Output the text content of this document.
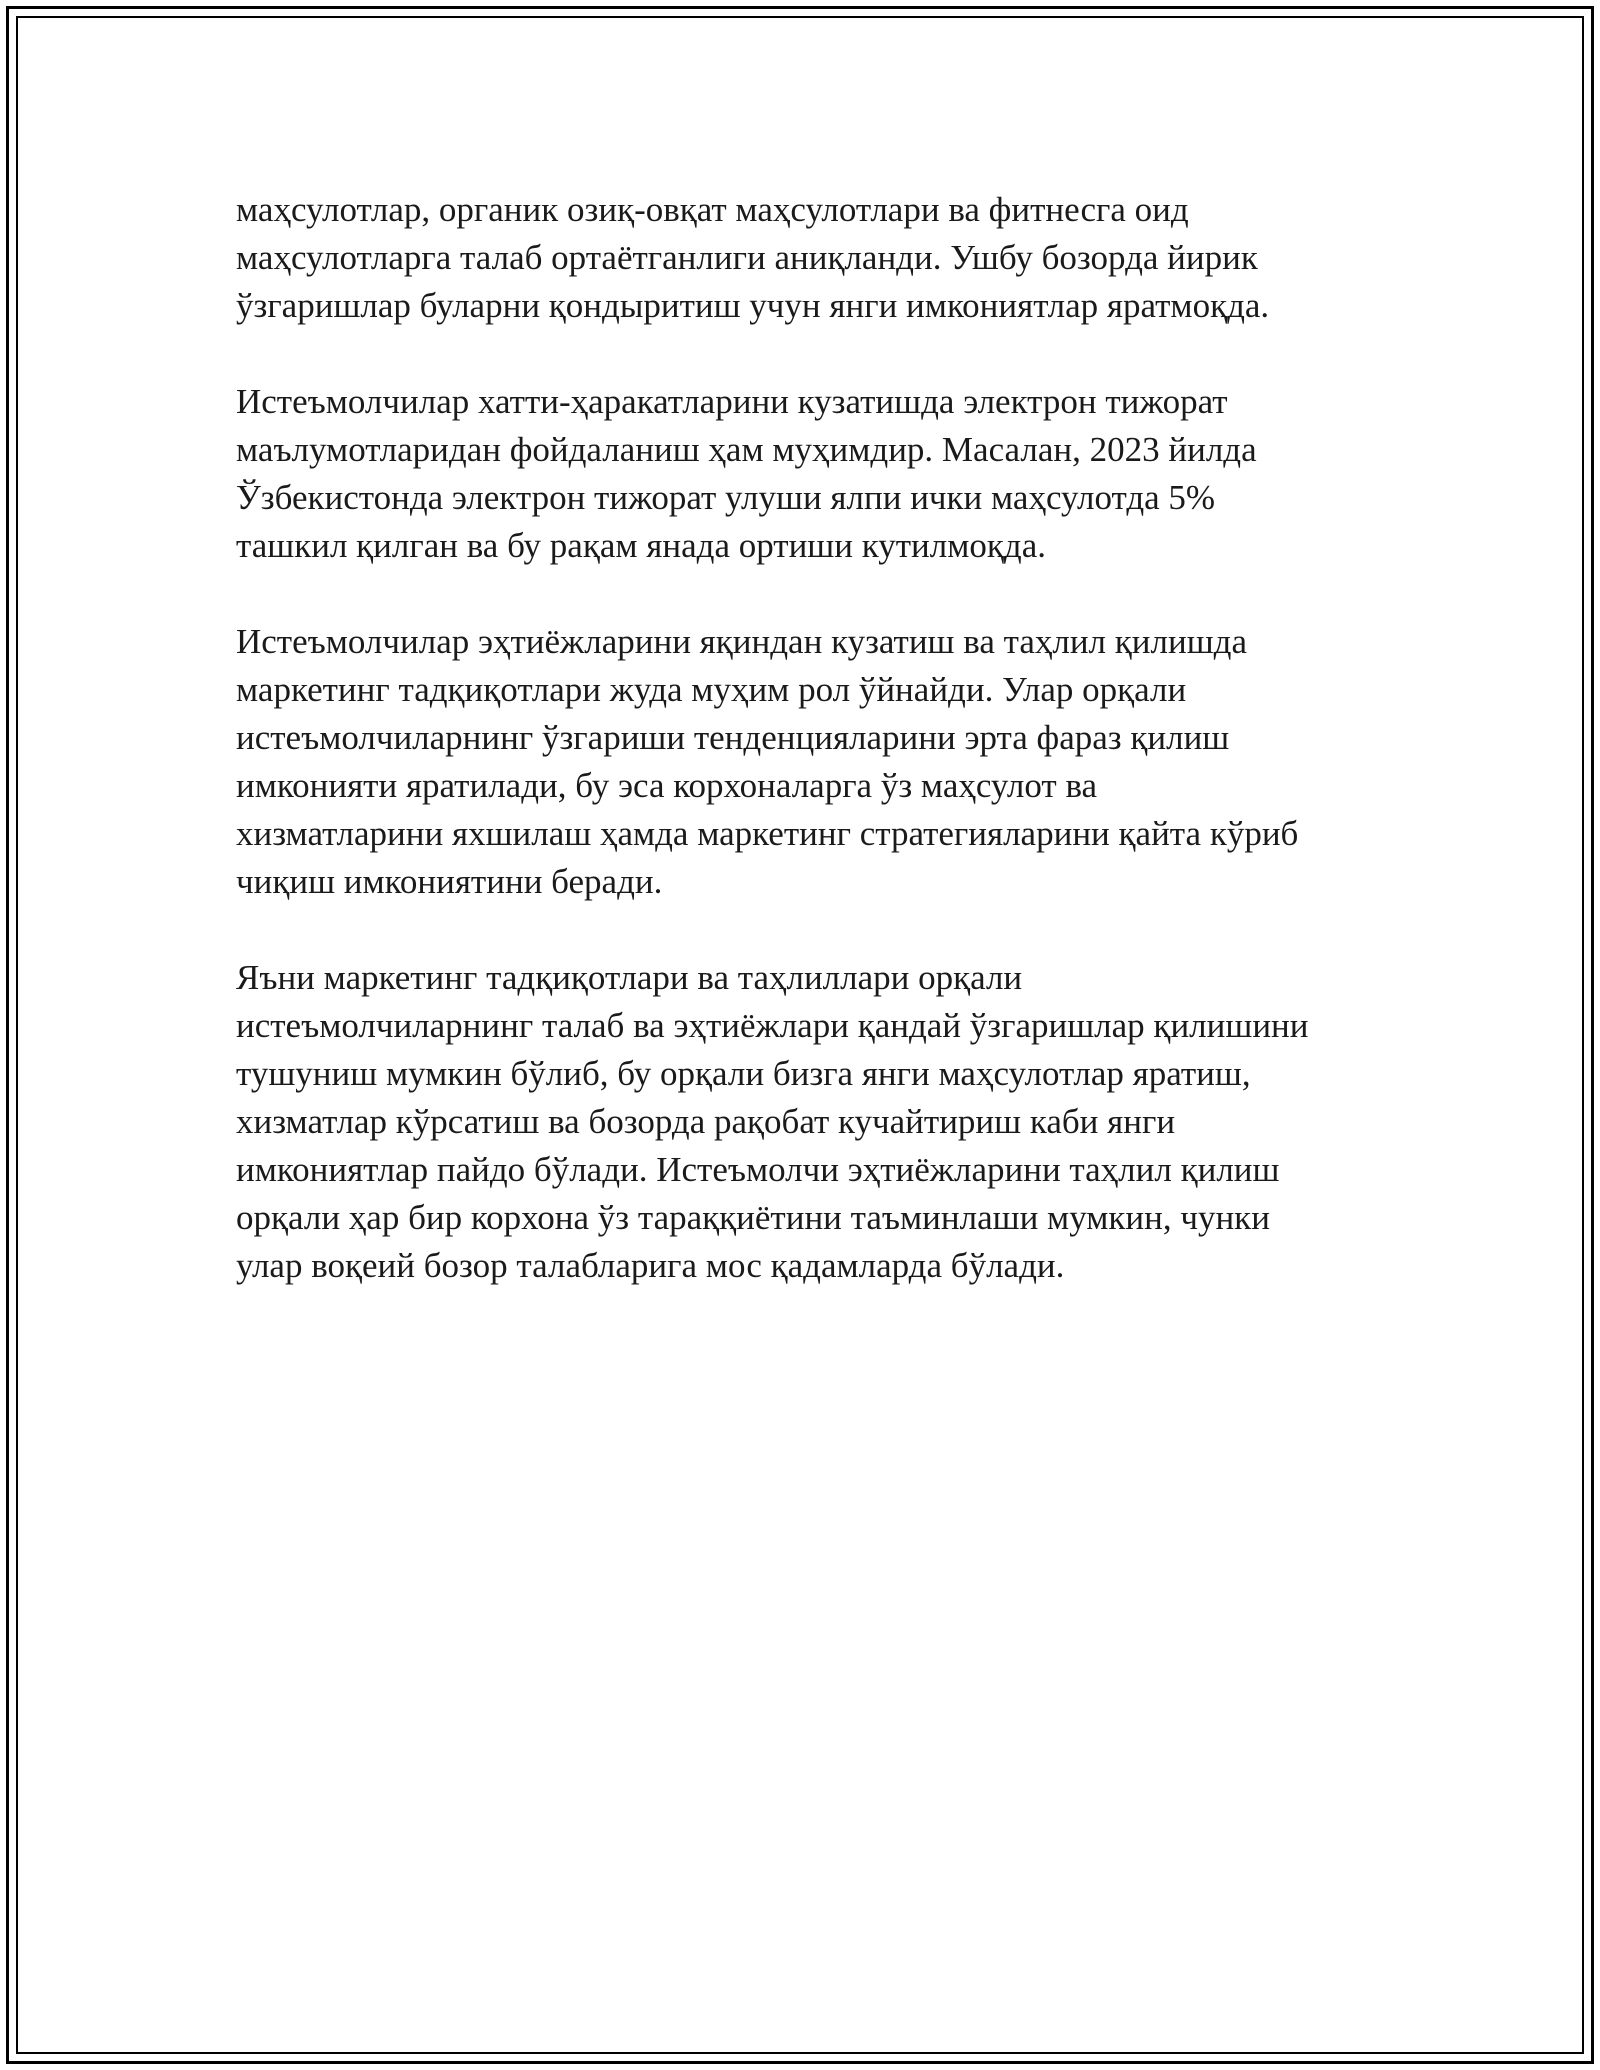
маҳсулотлар, органик озиқ-овқат маҳсулотлари ва фитнесга оид
маҳсулотларга талаб ортаётганлиги аниқланди. Ушбу бозорда йирик
ўзгаришлар буларни қондыритиш учун янги имкониятлар яратмоқда.

Истеъмолчилар хатти-ҳаракатларини кузатишда электрон тижорат
маълумотларидан фойдаланиш ҳам муҳимдир. Масалан, 2023 йилда
Ўзбекистонда электрон тижорат улуши ялпи ички маҳсулотда 5%
ташкил қилган ва бу рақам янада ортиши кутилмоқда.

Истеъмолчилар эҳтиёжларини яқиндан кузатиш ва таҳлил қилишда
маркетинг тадқиқотлари жуда муҳим рол ўйнайди. Улар орқали
истеъмолчиларнинг ўзгариши тенденцияларини эрта фараз қилиш
имконияти яратилади, бу эса корхоналарга ўз маҳсулот ва
хизматларини яхшилаш ҳамда маркетинг стратегияларини қайта кўриб
чиқиш имкониятини беради.

Яъни маркетинг тадқиқотлари ва таҳлиллари орқали
истеъмолчиларнинг талаб ва эҳтиёжлари қандай ўзгаришлар қилишини
тушуниш мумкин бўлиб, бу орқали бизга янги маҳсулотлар яратиш,
хизматлар кўрсатиш ва бозорда рақобат кучайтириш каби янги
имкониятлар пайдо бўлади. Истеъмолчи эҳтиёжларини таҳлил қилиш
орқали ҳар бир корхона ўз тараққиётини таъминлаши мумкин, чунки
улар воқеий бозор талабларига мос қадамларда бўлади.
